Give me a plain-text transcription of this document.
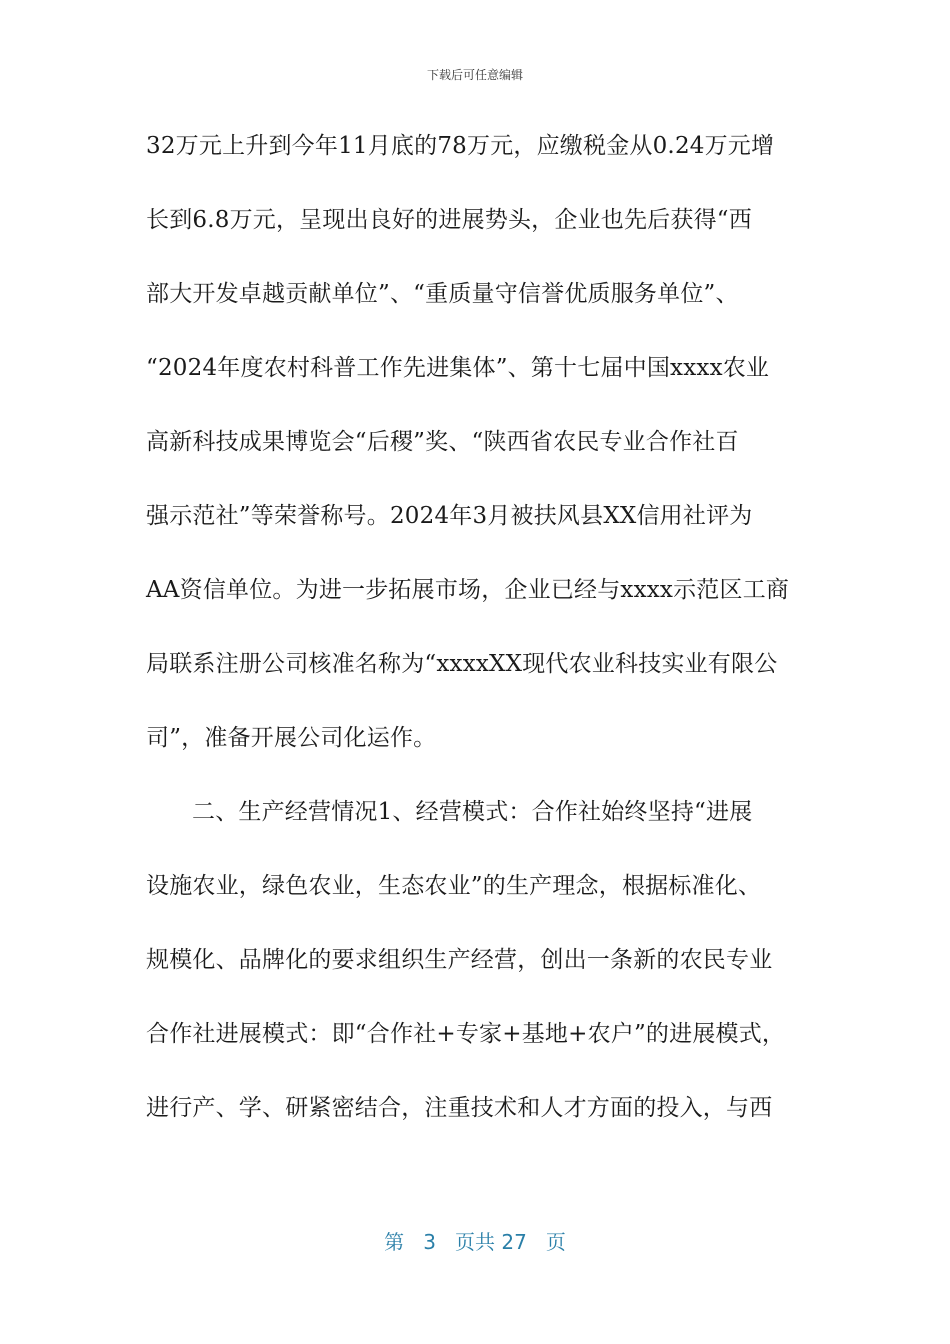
下载后可任意编辑
32万元上升到今年11月底的78万元，应缴税金从0.24万元增
长到6.8万元，呈现出良好的进展势头，企业也先后获得“西
部大开发卓越贡献单位”、“重质量守信誉优质服务单位”、
“2024年度农村科普工作先进集体”、第十七届中国xxxx农业
高新科技成果博览会“后稷”奖、“陕西省农民专业合作社百
强示范社”等荣誉称号。2024年3月被扶风县XX信用社评为
AA资信单位。为进一步拓展市场，企业已经与xxxx示范区工商
局联系注册公司核准名称为“xxxxXX现代农业科技实业有限公
司”，准备开展公司化运作。
二、生产经营情况1、经营模式：合作社始终坚持“进展
设施农业，绿色农业，生态农业”的生产理念，根据标准化、
规模化、品牌化的要求组织生产经营，创出一条新的农民专业
合作社进展模式：即“合作社+专家+基地+农户”的进展模式，
进行产、学、研紧密结合，注重技术和人才方面的投入，与西
第 3 页共 27 页
